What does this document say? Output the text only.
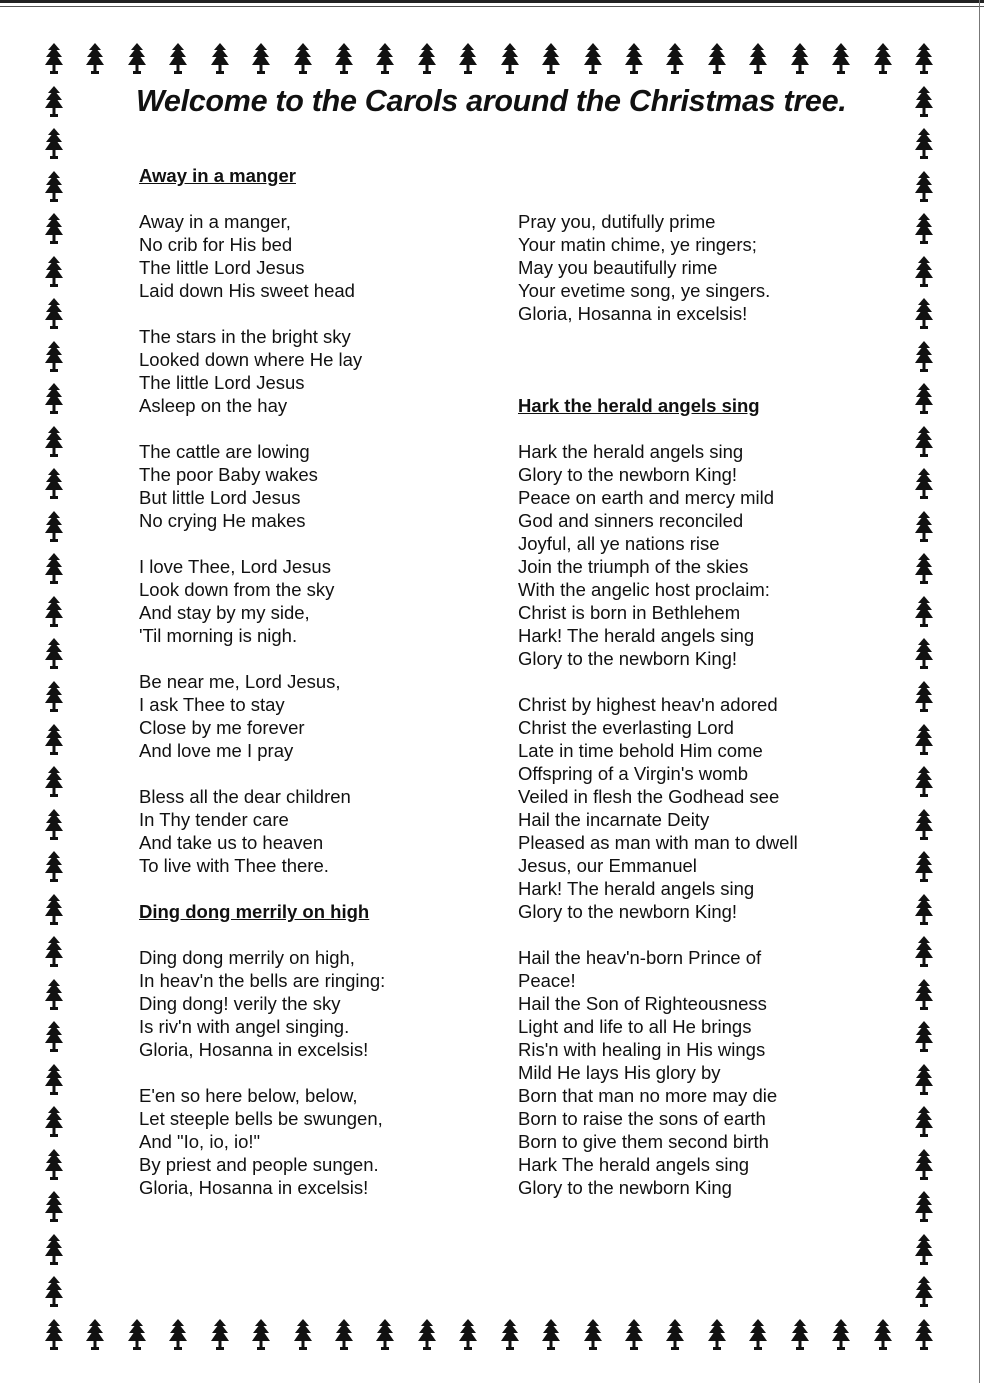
Welcome to the Carols around the Christmas tree.
Away in a manger
Away in a manger,
No crib for His bed
The little Lord Jesus
Laid down His sweet head
The stars in the bright sky
Looked down where He lay
The little Lord Jesus
Asleep on the hay
The cattle are lowing
The poor Baby wakes
But little Lord Jesus
No crying He makes
I love Thee, Lord Jesus
Look down from the sky
And stay by my side,
'Til morning is nigh.
Be near me, Lord Jesus,
I ask Thee to stay
Close by me forever
And love me I pray
Bless all the dear children
In Thy tender care
And take us to heaven
To live with Thee there.
Ding dong merrily on high
Ding dong merrily on high,
In heav'n the bells are ringing:
Ding dong! verily the sky
Is riv'n with angel singing.
Gloria, Hosanna in excelsis!
E'en so here below, below,
Let steeple bells be swungen,
And "Io, io, io!"
By priest and people sungen.
Gloria, Hosanna in excelsis!
Pray you, dutifully prime
Your matin chime, ye ringers;
May you beautifully rime
Your evetime song, ye singers.
Gloria, Hosanna in excelsis!
Hark the herald angels sing
Hark the herald angels sing
Glory to the newborn King!
Peace on earth and mercy mild
God and sinners reconciled
Joyful, all ye nations rise
Join the triumph of the skies
With the angelic host proclaim:
Christ is born in Bethlehem
Hark! The herald angels sing
Glory to the newborn King!
Christ by highest heav'n adored
Christ the everlasting Lord
Late in time behold Him come
Offspring of a Virgin's womb
Veiled in flesh the Godhead see
Hail the incarnate Deity
Pleased as man with man to dwell
Jesus, our Emmanuel
Hark! The herald angels sing
Glory to the newborn King!
Hail the heav'n-born Prince of
Peace!
Hail the Son of Righteousness
Light and life to all He brings
Ris'n with healing in His wings
Mild He lays His glory by
Born that man no more may die
Born to raise the sons of earth
Born to give them second birth
Hark The herald angels sing
Glory to the newborn King
